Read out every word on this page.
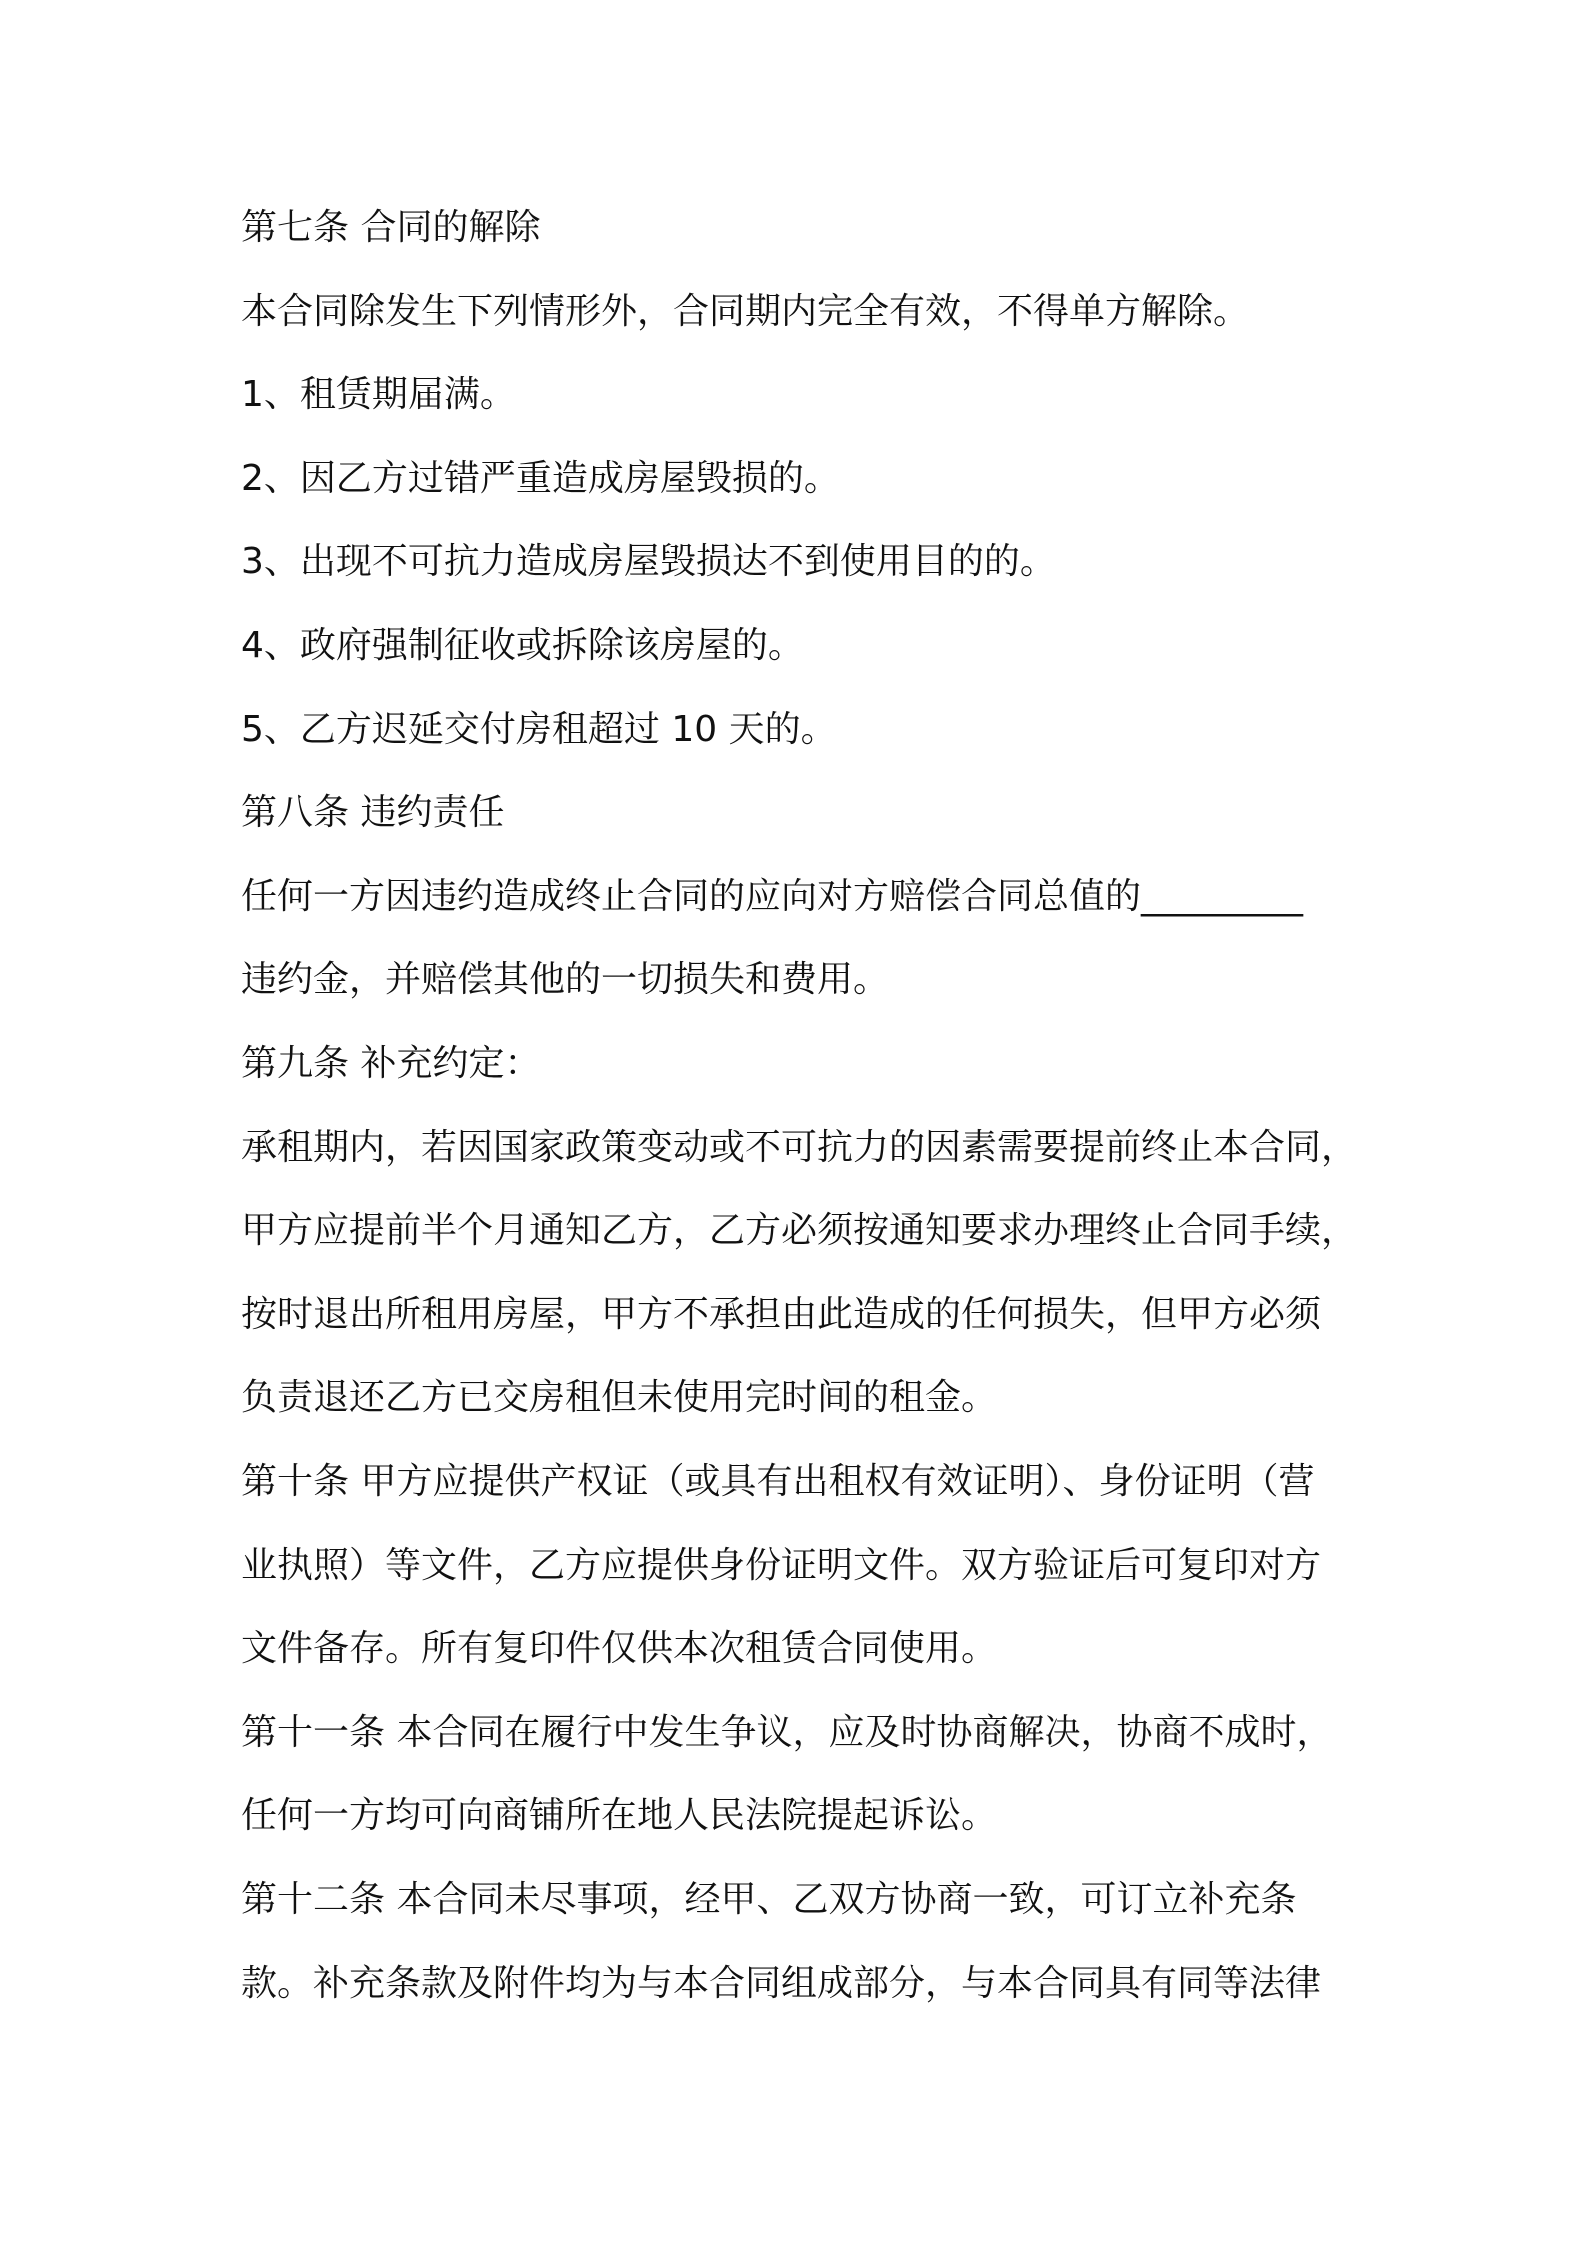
第七条 合同的解除
本合同除发生下列情形外，合同期内完全有效，不得单方解除。
1、租赁期届满。
2、因乙方过错严重造成房屋毁损的。
3、出现不可抗力造成房屋毁损达不到使用目的的。
4、政府强制征收或拆除该房屋的。
5、乙方迟延交付房租超过 10 天的。
第八条 违约责任
任何一方因违约造成终止合同的应向对方赔偿合同总值的_________
违约金，并赔偿其他的一切损失和费用。
第九条 补充约定：
承租期内，若因国家政策变动或不可抗力的因素需要提前终止本合同，
甲方应提前半个月通知乙方，乙方必须按通知要求办理终止合同手续，
按时退出所租用房屋，甲方不承担由此造成的任何损失，但甲方必须
负责退还乙方已交房租但未使用完时间的租金。
第十条 甲方应提供产权证（或具有出租权有效证明）、身份证明（营
业执照）等文件，乙方应提供身份证明文件。双方验证后可复印对方
文件备存。所有复印件仅供本次租赁合同使用。
第十一条 本合同在履行中发生争议，应及时协商解决，协商不成时，
任何一方均可向商铺所在地人民法院提起诉讼。
第十二条 本合同未尽事项，经甲、乙双方协商一致，可订立补充条
款。补充条款及附件均为与本合同组成部分，与本合同具有同等法律
